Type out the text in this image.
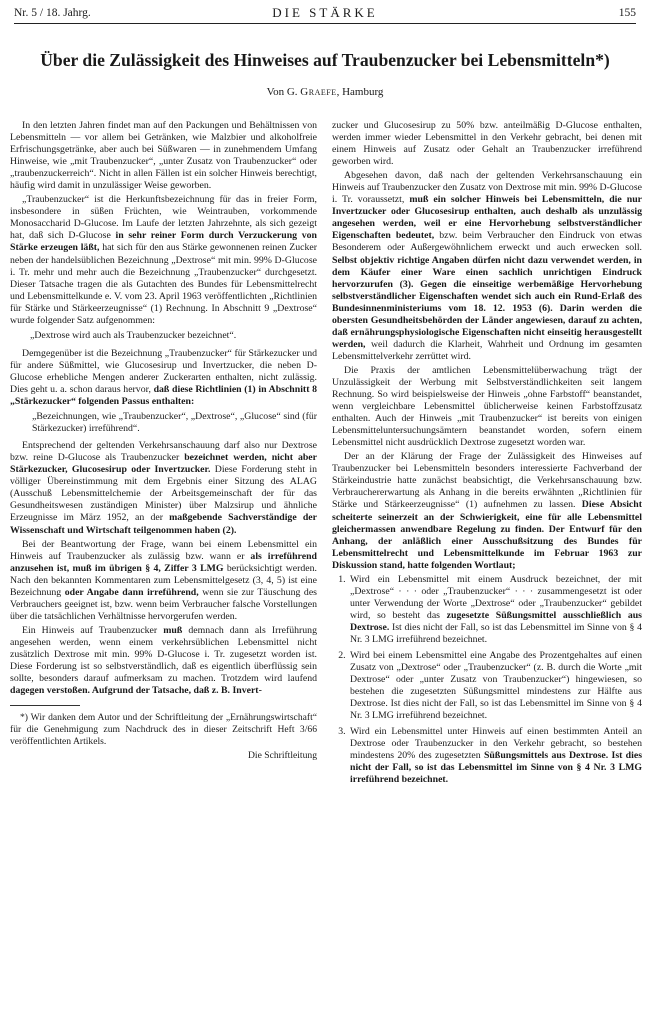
Nr. 5 / 18. Jahrg.	DIE STÄRKE	155
Über die Zulässigkeit des Hinweises auf Traubenzucker bei Lebensmitteln*)
Von G. Graefe, Hamburg

In den letzten Jahren findet man auf den Packungen und Behältnissen von Lebensmitteln — vor allem bei Getränken, wie Malzbier und alkoholfreie Erfrischungsgetränke, aber auch bei Süßwaren — in zunehmendem Umfang Hinweise, wie „mit Traubenzucker“, „unter Zusatz von Traubenzucker“ oder „traubenzuckerreich“. Nicht in allen Fällen ist ein solcher Hinweis berechtigt, häufig wird damit in unzulässiger Weise geworben.

„Traubenzucker“ ist die Herkunftsbezeichnung für das in freier Form, insbesondere in süßen Früchten, wie Weintrauben, vorkommende Monosaccharid D-Glucose. Im Laufe der letzten Jahrzehnte, als sich gezeigt hat, daß sich D-Glucose in sehr reiner Form durch Verzuckerung von Stärke erzeugen läßt, hat sich für den aus Stärke gewonnenen reinen Zucker neben der handelsüblichen Bezeichnung „Dextrose“ mit min. 99% D-Glucose i. Tr. mehr und mehr auch die Bezeichnung „Traubenzucker“ durchgesetzt. Dieser Tatsache tragen die als Gutachten des Bundes für Lebensmittelrecht und Lebensmittelkunde e. V. vom 23. April 1963 veröffentlichten „Richtlinien für Stärke und Stärkeerzeugnisse“ (1) Rechnung. In Abschnitt 9 „Dextrose“ wurde folgender Satz aufgenommen:

„Dextrose wird auch als Traubenzucker bezeichnet“.

Demgegenüber ist die Bezeichnung „Traubenzucker“ für Stärkezucker und für andere Süßmittel, wie Glucosesirup und Invertzucker, die neben D-Glucose erhebliche Mengen anderer Zuckerarten enthalten, nicht zulässig. Dies geht u. a. schon daraus hervor, daß diese Richtlinien (1) in Abschnitt 8 „Stärkezucker“ folgenden Passus enthalten:

„Bezeichnungen, wie „Traubenzucker“, „Dextrose“, „Glucose“ sind (für Stärkezucker) irreführend“.

Entsprechend der geltenden Verkehrsanschauung darf also nur Dextrose bzw. reine D-Glucose als Traubenzucker bezeichnet werden, nicht aber Stärkezucker, Glucosesirup oder Invertzucker. Diese Forderung steht in völliger Übereinstimmung mit dem Ergebnis einer Sitzung des ALAG (Ausschuß Lebensmittelchemie der Arbeitsgemeinschaft der für das Gesundheitswesen zuständigen Minister) über Malzsirup und ähnliche Erzeugnisse im März 1952, an der maßgebende Sachverständige der Wissenschaft und Wirtschaft teilgenommen haben (2).

Bei der Beantwortung der Frage, wann bei einem Lebensmittel ein Hinweis auf Traubenzucker als zulässig bzw. wann er als irreführend anzusehen ist, muß im übrigen § 4, Ziffer 3 LMG berücksichtigt werden. Nach den bekannten Kommentaren zum Lebensmittelgesetz (3, 4, 5) ist eine Bezeichnung oder Angabe dann irreführend, wenn sie zur Täuschung des Verbrauchers geeignet ist, bzw. wenn beim Verbraucher falsche Vorstellungen über die tatsächlichen Verhältnisse hervorgerufen werden.

Ein Hinweis auf Traubenzucker muß demnach dann als Irreführung angesehen werden, wenn einem verkehrsüblichen Lebensmittel nicht zusätzlich Dextrose mit min. 99% D-Glucose i. Tr. zugesetzt worden ist. Diese Forderung ist so selbstverständlich, daß es eigentlich überflüssig sein sollte, besonders darauf aufmerksam zu machen. Trotzdem wird laufend dagegen verstoßen. Aufgrund der Tatsache, daß z. B. Invert-

*) Wir danken dem Autor und der Schriftleitung der „Ernährungswirtschaft“ für die Genehmigung zum Nachdruck des in dieser Zeitschrift Heft 3/66 veröffentlichten Artikels.

Die Schriftleitung

zucker und Glucosesirup zu 50% bzw. anteilmäßig D-Glucose enthalten, werden immer wieder Lebensmittel in den Verkehr gebracht, bei denen mit einem Hinweis auf Zusatz oder Gehalt an Traubenzucker irreführend geworben wird.

Abgesehen davon, daß nach der geltenden Verkehrsanschauung ein Hinweis auf Traubenzucker den Zusatz von Dextrose mit min. 99% D-Glucose i. Tr. voraussetzt, muß ein solcher Hinweis bei Lebensmitteln, die nur Invertzucker oder Glucosesirup enthalten, auch deshalb als unzulässig angesehen werden, weil er eine Hervorhebung selbstverständlicher Eigenschaften bedeutet, bzw. beim Verbraucher den Eindruck von etwas Besonderem oder Außergewöhnlichem erweckt und auch erwecken soll. Selbst objektiv richtige Angaben dürfen nicht dazu verwendet werden, in dem Käufer einer Ware einen sachlich unrichtigen Eindruck hervorzurufen (3). Gegen die einseitige werbemäßige Hervorhebung selbstverständlicher Eigenschaften wendet sich auch ein Rund-Erlaß des Bundesinnenministeriums vom 18. 12. 1953 (6). Darin werden die obersten Gesundheitsbehörden der Länder angewiesen, darauf zu achten, daß ernährungsphysiologische Eigenschaften nicht einseitig herausgestellt werden, weil dadurch die Klarheit, Wahrheit und Ordnung im gesamten Lebensmittelverkehr zerrüttet wird.

Die Praxis der amtlichen Lebensmittelüberwachung trägt der Unzulässigkeit der Werbung mit Selbstverständlichkeiten seit langem Rechnung. So wird beispielsweise der Hinweis „ohne Farbstoff“ beanstandet, wenn vergleichbare Lebensmittel üblicherweise keinen Farbstoffzusatz enthalten. Auch der Hinweis „mit Traubenzucker“ ist bereits von einigen Lebensmitteluntersuchungsämtern beanstandet worden, sofern einem Lebensmittel nicht ausdrücklich Dextrose zugesetzt worden war.

Der an der Klärung der Frage der Zulässigkeit des Hinweises auf Traubenzucker bei Lebensmitteln besonders interessierte Fachverband der Stärkeindustrie hatte zunächst beabsichtigt, die Verkehrsanschauung bzw. Verbrauchererwartung als Anhang in die bereits erwähnten „Richtlinien für Stärke und Stärkeerzeugnisse“ (1) aufnehmen zu lassen. Diese Absicht scheiterte seinerzeit an der Schwierigkeit, eine für alle Lebensmittel gleichermassen anwendbare Regelung zu finden. Der Entwurf für den Anhang, der anläßlich einer Ausschußsitzung des Bundes für Lebensmittelrecht und Lebensmittelkunde im Februar 1963 zur Diskussion stand, hatte folgenden Wortlaut;

1. Wird ein Lebensmittel mit einem Ausdruck bezeichnet, der mit „Dextrose“ · · · oder „Traubenzucker“ · · · zusammengesetzt ist oder unter Verwendung der Worte „Dextrose“ oder „Traubenzucker“ gebildet wird, so besteht das zugesetzte Süßungsmittel ausschließlich aus Dextrose. Ist dies nicht der Fall, so ist das Lebensmittel im Sinne von § 4 Nr. 3 LMG irreführend bezeichnet.
2. Wird bei einem Lebensmittel eine Angabe des Prozentgehaltes auf einen Zusatz von „Dextrose“ oder „Traubenzucker“ (z. B. durch die Worte „mit Dextrose“ oder „unter Zusatz von Traubenzucker“) hingewiesen, so bestehen die zugesetzten Süßungsmittel mindestens zur Hälfte aus Dextrose. Ist dies nicht der Fall, so ist das Lebensmittel im Sinne von § 4 Nr. 3 LMG irreführend bezeichnet.
3. Wird ein Lebensmittel unter Hinweis auf einen bestimmten Anteil an Dextrose oder Traubenzucker in den Verkehr gebracht, so bestehen mindestens 20% des zugesetzten Süßungsmittels aus Dextrose. Ist dies nicht der Fall, so ist das Lebensmittel im Sinne von § 4 Nr. 3 LMG irreführend bezeichnet.
